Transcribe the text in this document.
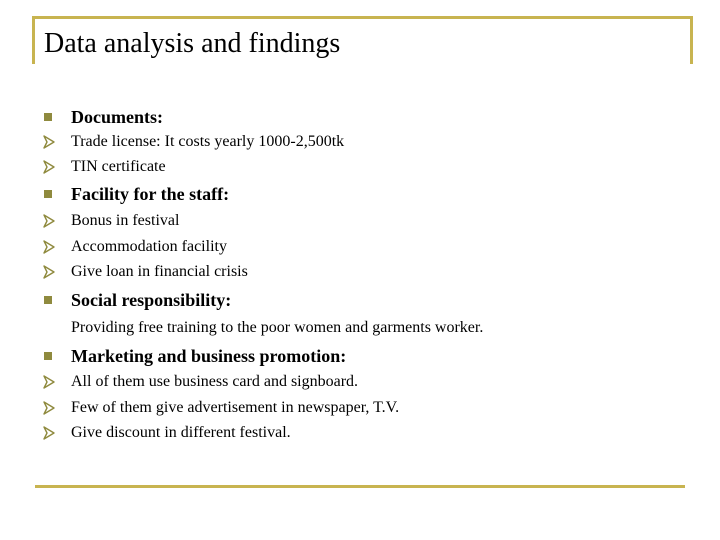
Data analysis and findings
Documents:
Trade license: It costs yearly 1000-2,500tk
TIN certificate
Facility for the staff:
Bonus in festival
Accommodation facility
Give loan in financial crisis
Social responsibility:
Providing free training to the poor women and garments worker.
Marketing and business promotion:
All of them use business card and signboard.
Few of them give advertisement in newspaper, T.V.
Give discount in different festival.
